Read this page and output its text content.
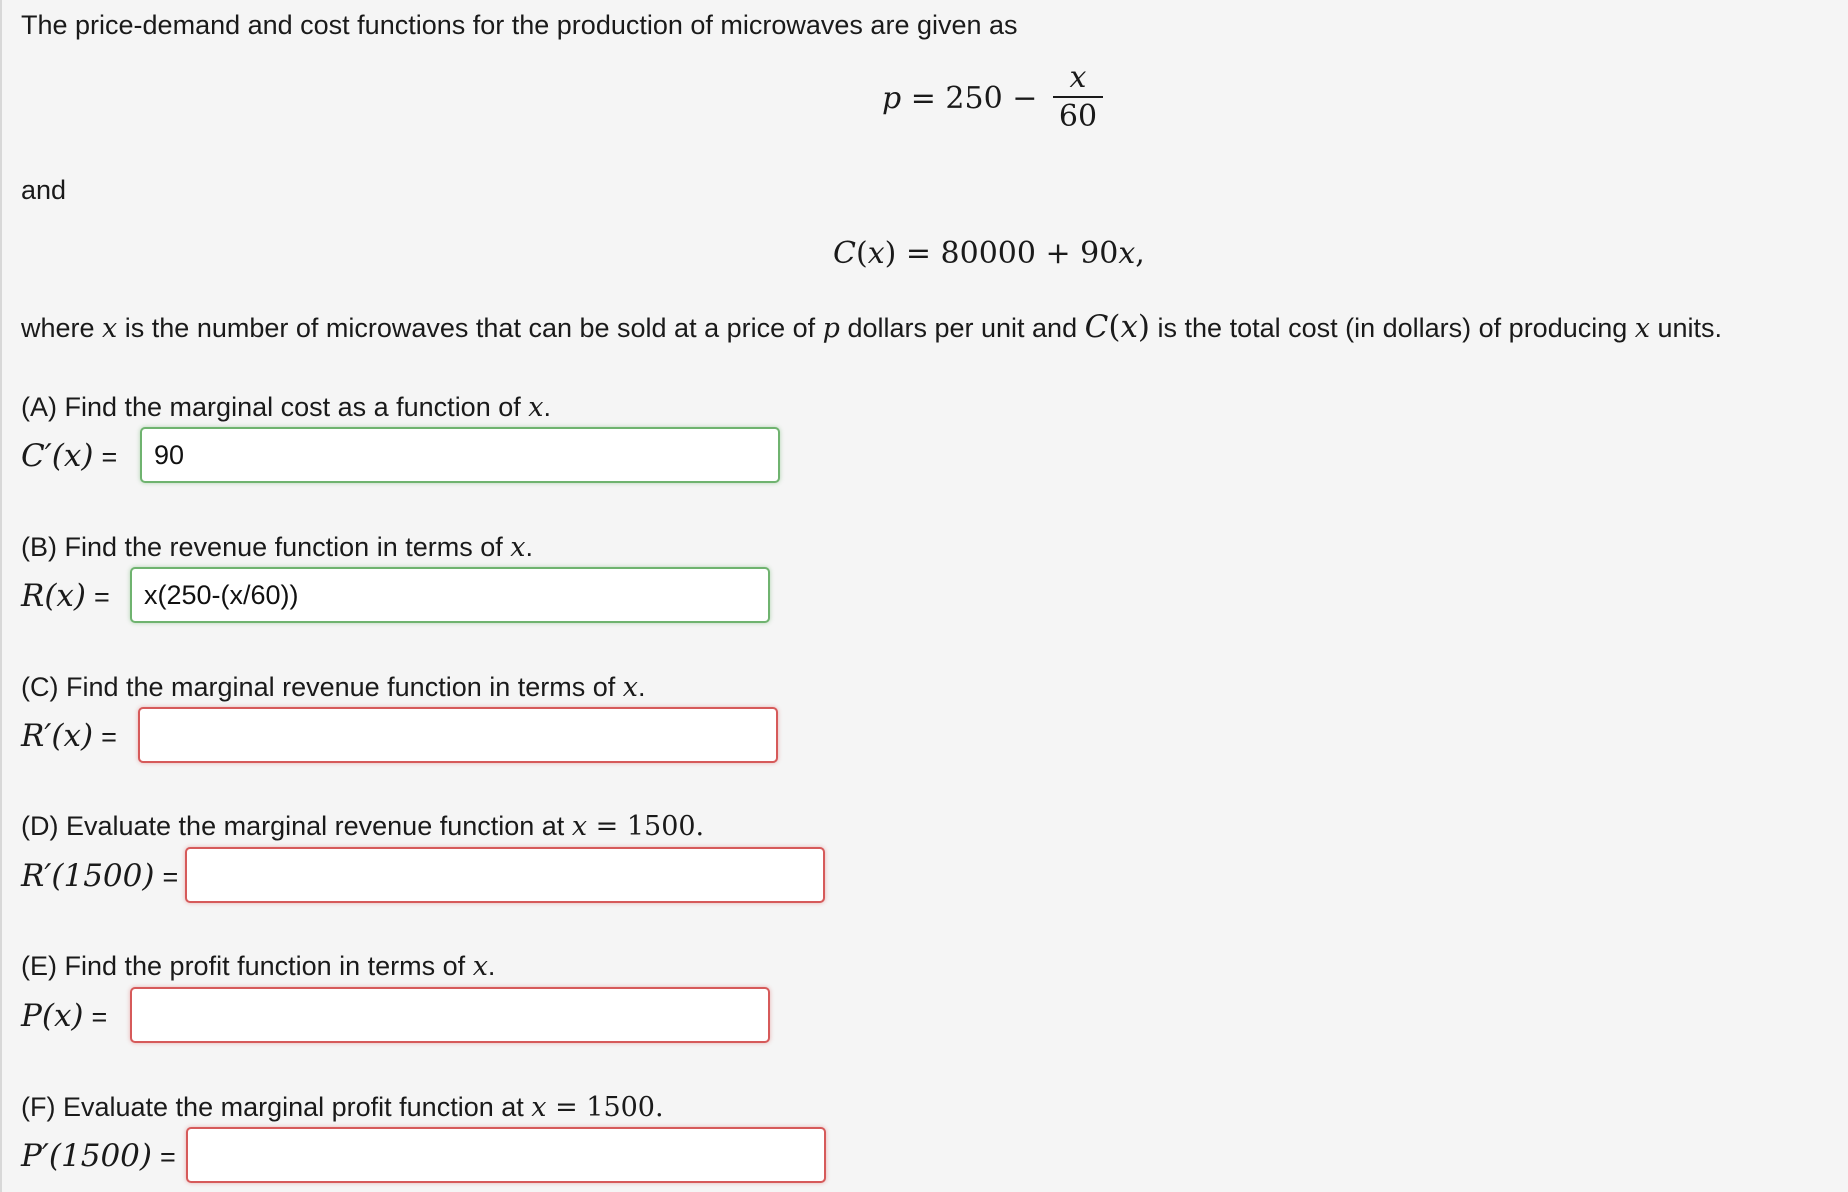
The price-demand and cost functions for the production of microwaves are given as
$p = 250 - \frac{x}{60}$
and
C(x) = 80000 + 90x,
where x is the number of microwaves that can be sold at a price of p dollars per unit and C(x) is the total cost (in dollars) of producing x units.
(A) Find the marginal cost as a function of x.
C′(x) =
90
(B) Find the revenue function in terms of x.
R(x) =
x(250-(x/60))
(C) Find the marginal revenue function in terms of x.
R′(x) =
(D) Evaluate the marginal revenue function at x = 1500.
R′(1500) =
(E) Find the profit function in terms of x.
P(x) =
(F) Evaluate the marginal profit function at x = 1500.
P′(1500) =
